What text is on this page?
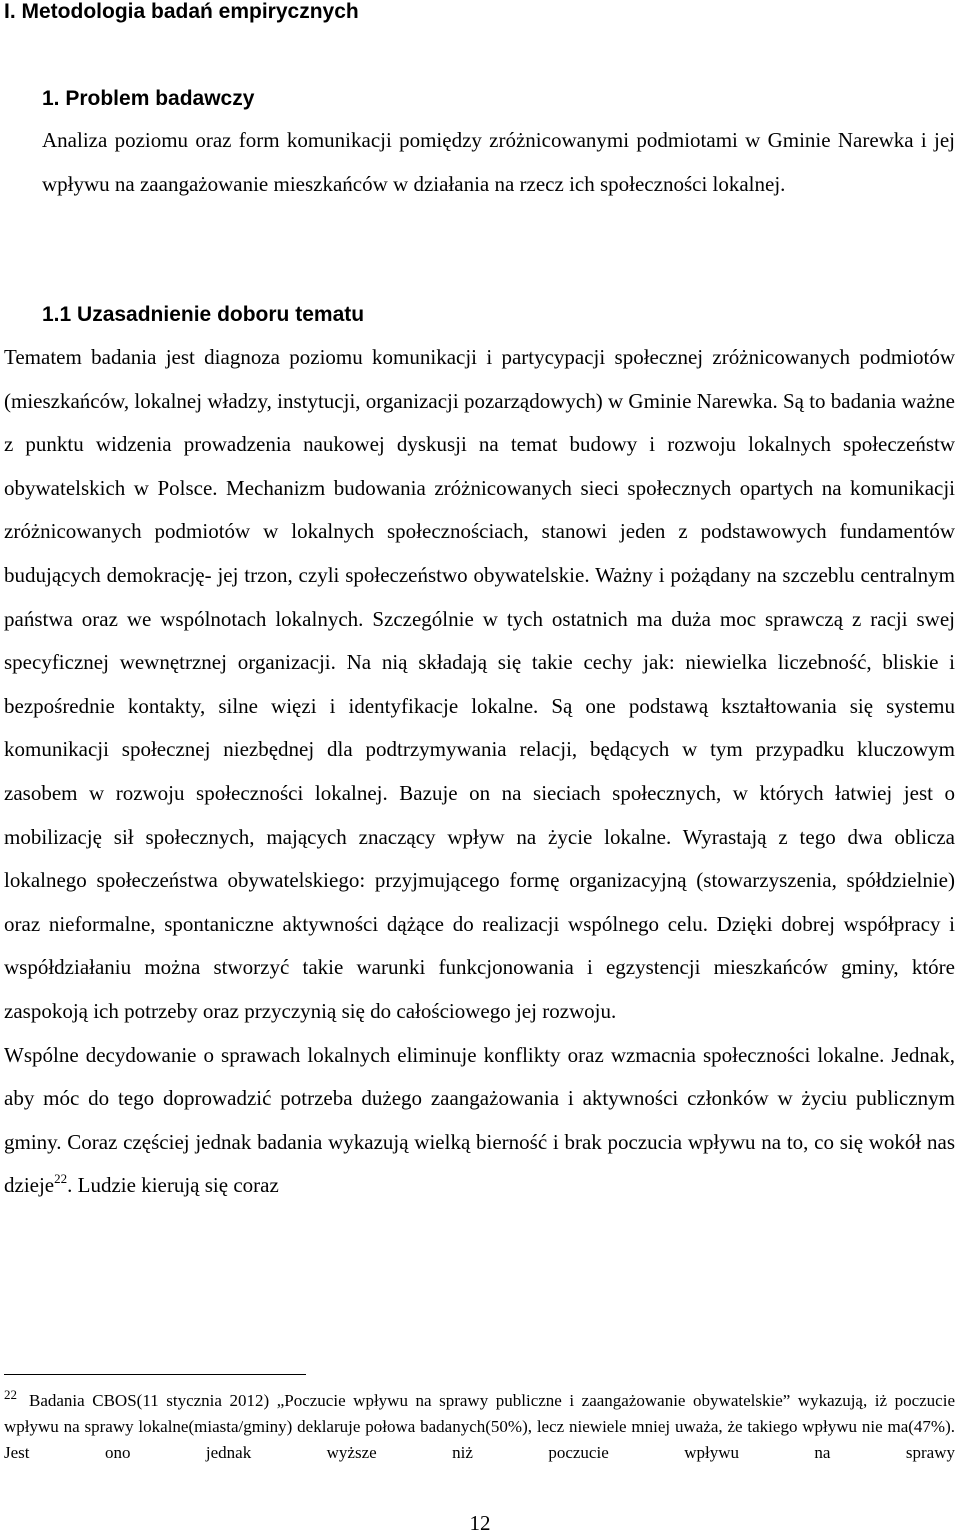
I. Metodologia badań empirycznych
1. Problem badawczy
Analiza poziomu oraz form komunikacji pomiędzy zróżnicowanymi podmiotami w Gminie Narewka i jej wpływu na zaangażowanie mieszkańców w działania na rzecz ich społeczności lokalnej.
1.1 Uzasadnienie doboru tematu

Tematem badania jest diagnoza poziomu komunikacji i partycypacji społecznej zróżnicowanych podmiotów (mieszkańców, lokalnej władzy, instytucji, organizacji pozarządowych) w Gminie Narewka. Są to badania ważne z punktu widzenia prowadzenia naukowej dyskusji na temat budowy i rozwoju lokalnych społeczeństw obywatelskich w Polsce. Mechanizm budowania zróżnicowanych sieci społecznych opartych na komunikacji zróżnicowanych podmiotów w lokalnych społecznościach, stanowi jeden z podstawowych fundamentów budujących demokrację- jej trzon, czyli społeczeństwo obywatelskie. Ważny i pożądany na szczeblu centralnym państwa oraz we wspólnotach lokalnych. Szczególnie w tych ostatnich ma duża moc sprawczą z racji swej specyficznej wewnętrznej organizacji. Na nią składają się takie cechy jak: niewielka liczebność, bliskie i bezpośrednie kontakty, silne więzi i identyfikacje lokalne. Są one podstawą kształtowania się systemu komunikacji społecznej niezbędnej dla podtrzymywania relacji, będących w tym przypadku kluczowym zasobem w rozwoju społeczności lokalnej. Bazuje on na sieciach społecznych, w których łatwiej jest o mobilizację sił społecznych, mających znaczący wpływ na życie lokalne. Wyrastają z tego dwa oblicza lokalnego społeczeństwa obywatelskiego: przyjmującego formę organizacyjną (stowarzyszenia, spółdzielnie) oraz nieformalne, spontaniczne aktywności dążące do realizacji wspólnego celu. Dzięki dobrej współpracy i współdziałaniu można stworzyć takie warunki funkcjonowania i egzystencji mieszkańców gminy, które zaspokoją ich potrzeby oraz przyczynią się do całościowego jej rozwoju.

Wspólne decydowanie o sprawach lokalnych eliminuje konflikty oraz wzmacnia społeczności lokalne. Jednak, aby móc do tego doprowadzić potrzeba dużego zaangażowania i aktywności członków w życiu publicznym gminy. Coraz częściej jednak badania wykazują wielką bierność i brak poczucia wpływu na to, co się wokół nas dzieje$^{22}$. Ludzie kierują się coraz

$^{22}$ Badania CBOS(11 stycznia 2012) „Poczucie wpływu na sprawy publiczne i zaangażowanie obywatelskie” wykazują, iż poczucie wpływu na sprawy lokalne(miasta/gminy) deklaruje połowa badanych(50%), lecz niewiele mniej uważa, że takiego wpływu nie ma(47%). Jest ono jednak wyższe niż poczucie wpływu na sprawy
12
